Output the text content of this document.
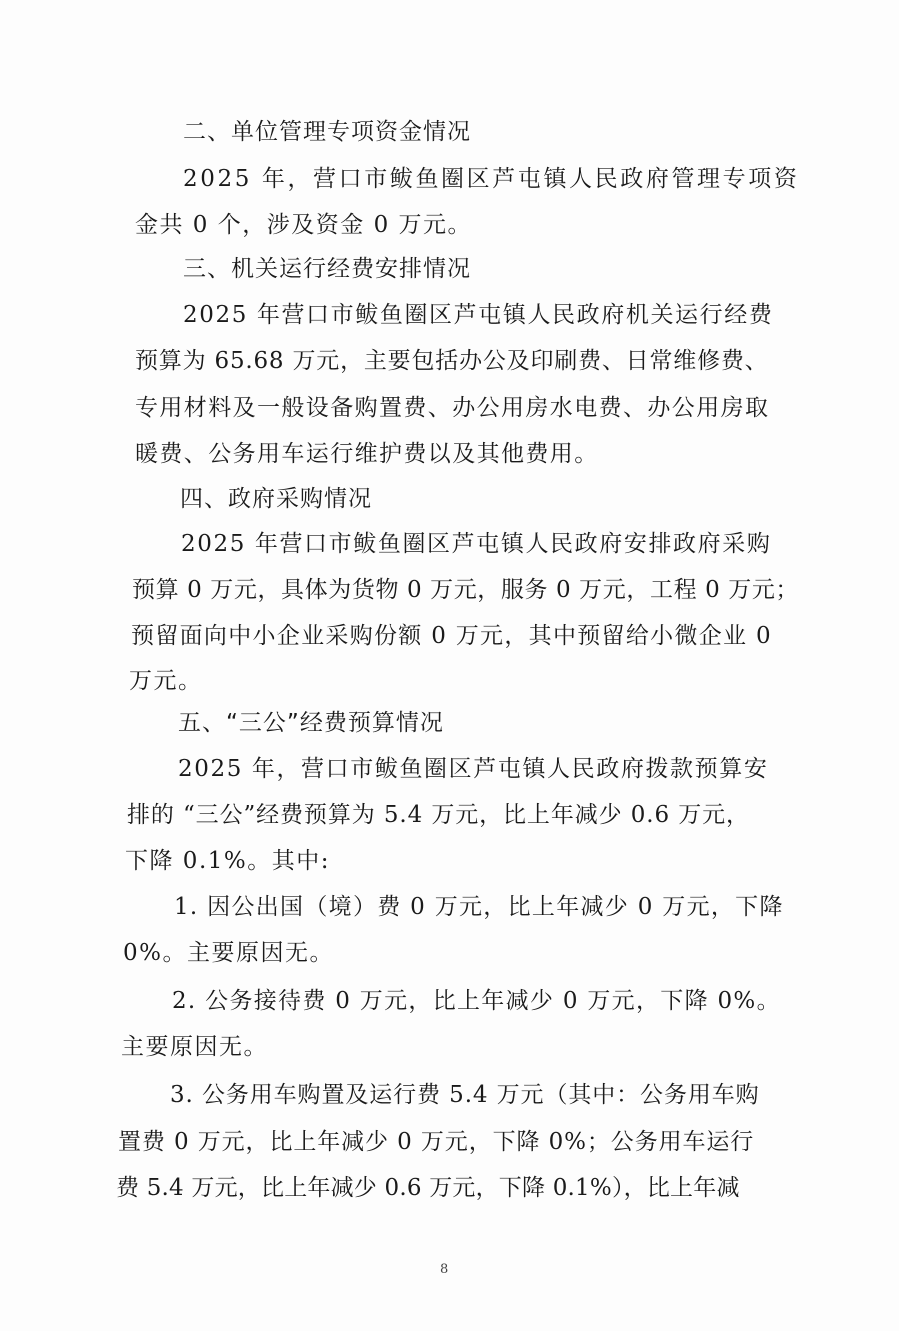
二、单位管理专项资金情况
2025 年，营口市鲅鱼圈区芦屯镇人民政府管理专项资
金共 0 个，涉及资金 0 万元。
三、机关运行经费安排情况
2025 年营口市鲅鱼圈区芦屯镇人民政府机关运行经费
预算为 65.68 万元，主要包括办公及印刷费、日常维修费、
专用材料及一般设备购置费、办公用房水电费、办公用房取
暖费、公务用车运行维护费以及其他费用。
四、政府采购情况
2025 年营口市鲅鱼圈区芦屯镇人民政府安排政府采购
预算 0 万元，具体为货物 0 万元，服务 0 万元，工程 0 万元；
预留面向中小企业采购份额 0 万元，其中预留给小微企业 0
万元。
五、“三公”经费预算情况
2025 年，营口市鲅鱼圈区芦屯镇人民政府拨款预算安
排的 “三公”经费预算为 5.4 万元，比上年减少 0.6 万元，
下降 0.1%。其中:
1. 因公出国（境）费 0 万元，比上年减少 0 万元，下降
0%。主要原因无。
2. 公务接待费 0 万元，比上年减少 0 万元，下降 0%。
主要原因无。
3. 公务用车购置及运行费 5.4 万元（其中：公务用车购
置费 0 万元，比上年减少 0 万元，下降 0%；公务用车运行
费 5.4 万元，比上年减少 0.6 万元，下降 0.1%），比上年减
8
